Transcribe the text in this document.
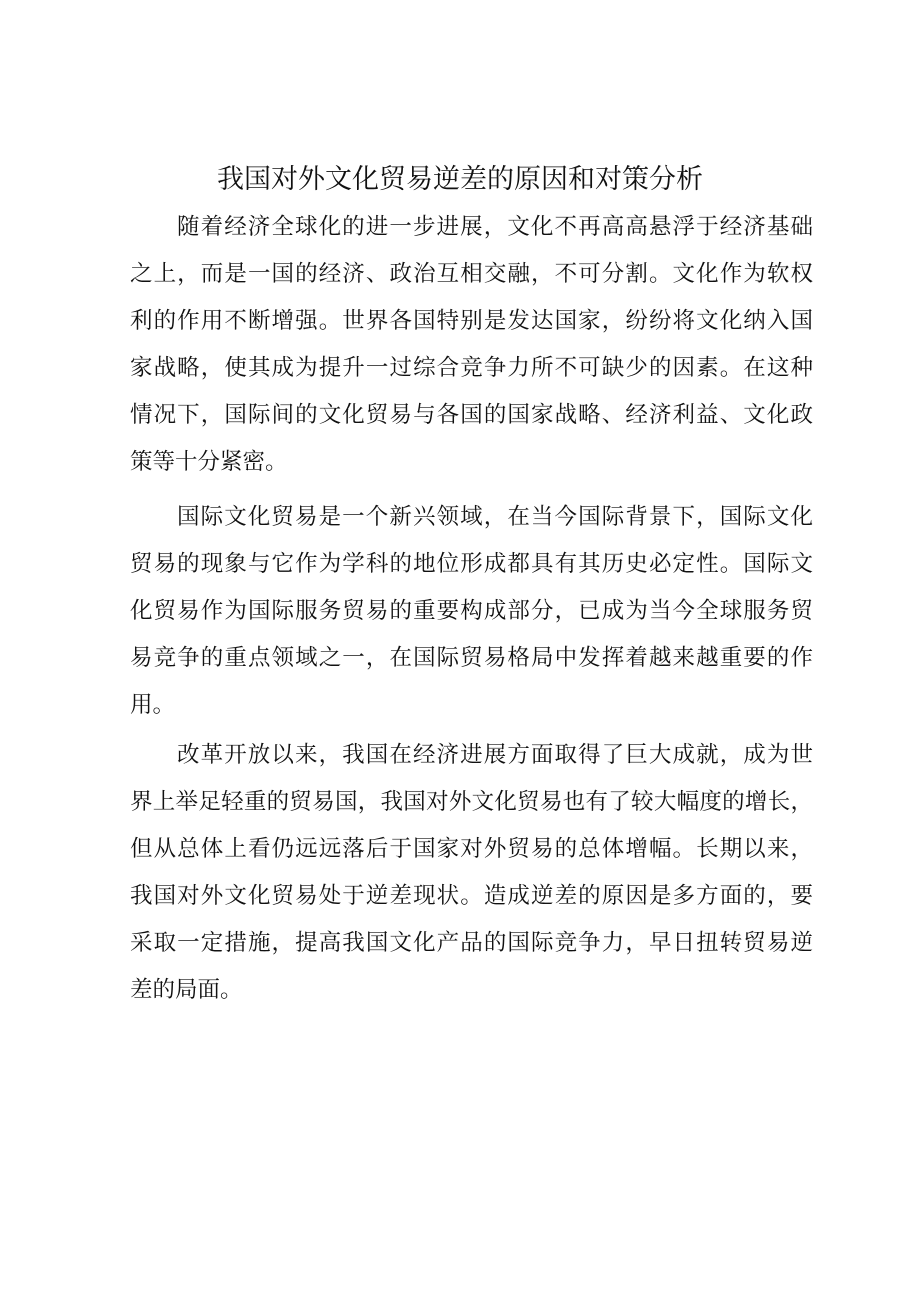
我国对外文化贸易逆差的原因和对策分析
随着经济全球化的进一步进展，文化不再高高悬浮于经济基础
之上，而是一国的经济、政治互相交融，不可分割。文化作为软权
利的作用不断增强。世界各国特别是发达国家，纷纷将文化纳入国
家战略，使其成为提升一过综合竞争力所不可缺少的因素。在这种
情况下，国际间的文化贸易与各国的国家战略、经济利益、文化政
策等十分紧密。
国际文化贸易是一个新兴领域，在当今国际背景下，国际文化
贸易的现象与它作为学科的地位形成都具有其历史必定性。国际文
化贸易作为国际服务贸易的重要构成部分，已成为当今全球服务贸
易竞争的重点领域之一，在国际贸易格局中发挥着越来越重要的作
用。
改革开放以来，我国在经济进展方面取得了巨大成就，成为世
界上举足轻重的贸易国，我国对外文化贸易也有了较大幅度的增长，
但从总体上看仍远远落后于国家对外贸易的总体增幅。长期以来，
我国对外文化贸易处于逆差现状。造成逆差的原因是多方面的，要
采取一定措施，提高我国文化产品的国际竞争力，早日扭转贸易逆
差的局面。
